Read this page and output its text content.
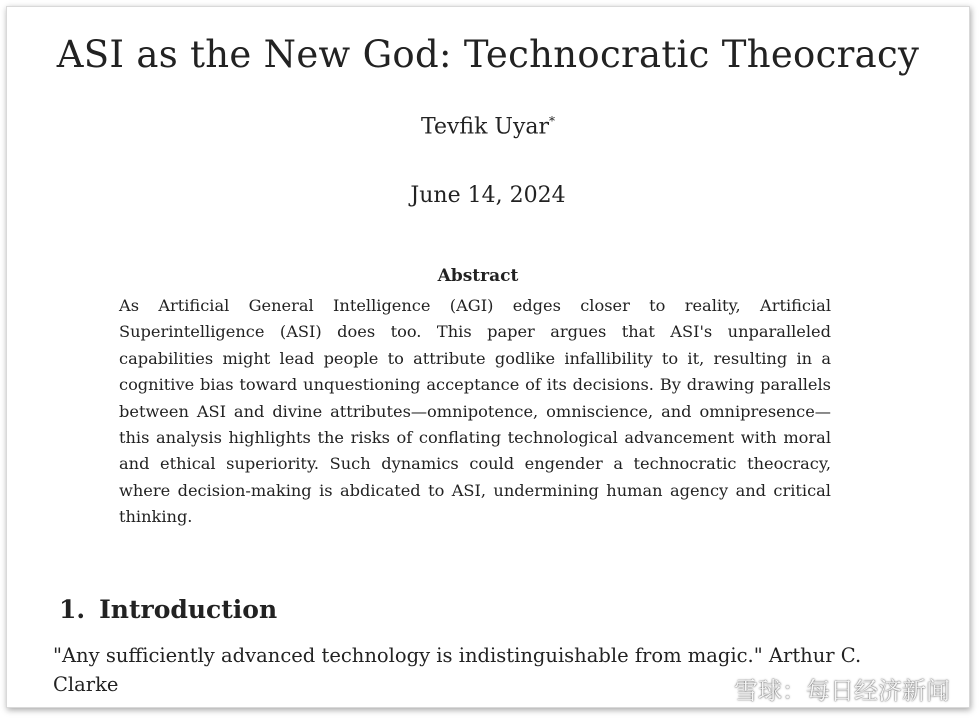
ASI as the New God: Technocratic Theocracy
Tevfik Uyar*
June 14, 2024
Abstract
As Artificial General Intelligence (AGI) edges closer to reality, Artificial Superintelligence (ASI) does too. This paper argues that ASI's unparalleled capabilities might lead people to attribute godlike infallibility to it, resulting in a cognitive bias toward unquestioning acceptance of its decisions. By drawing parallels between ASI and divine attributes—omnipotence, omniscience, and omnipresence—this analysis highlights the risks of conflating technological advancement with moral and ethical superiority. Such dynamics could engender a technocratic theocracy, where decision-making is abdicated to ASI, undermining human agency and critical thinking.
1. Introduction
"Any sufficiently advanced technology is indistinguishable from magic." Arthur C. Clarke	雪球：每日经济新闻
